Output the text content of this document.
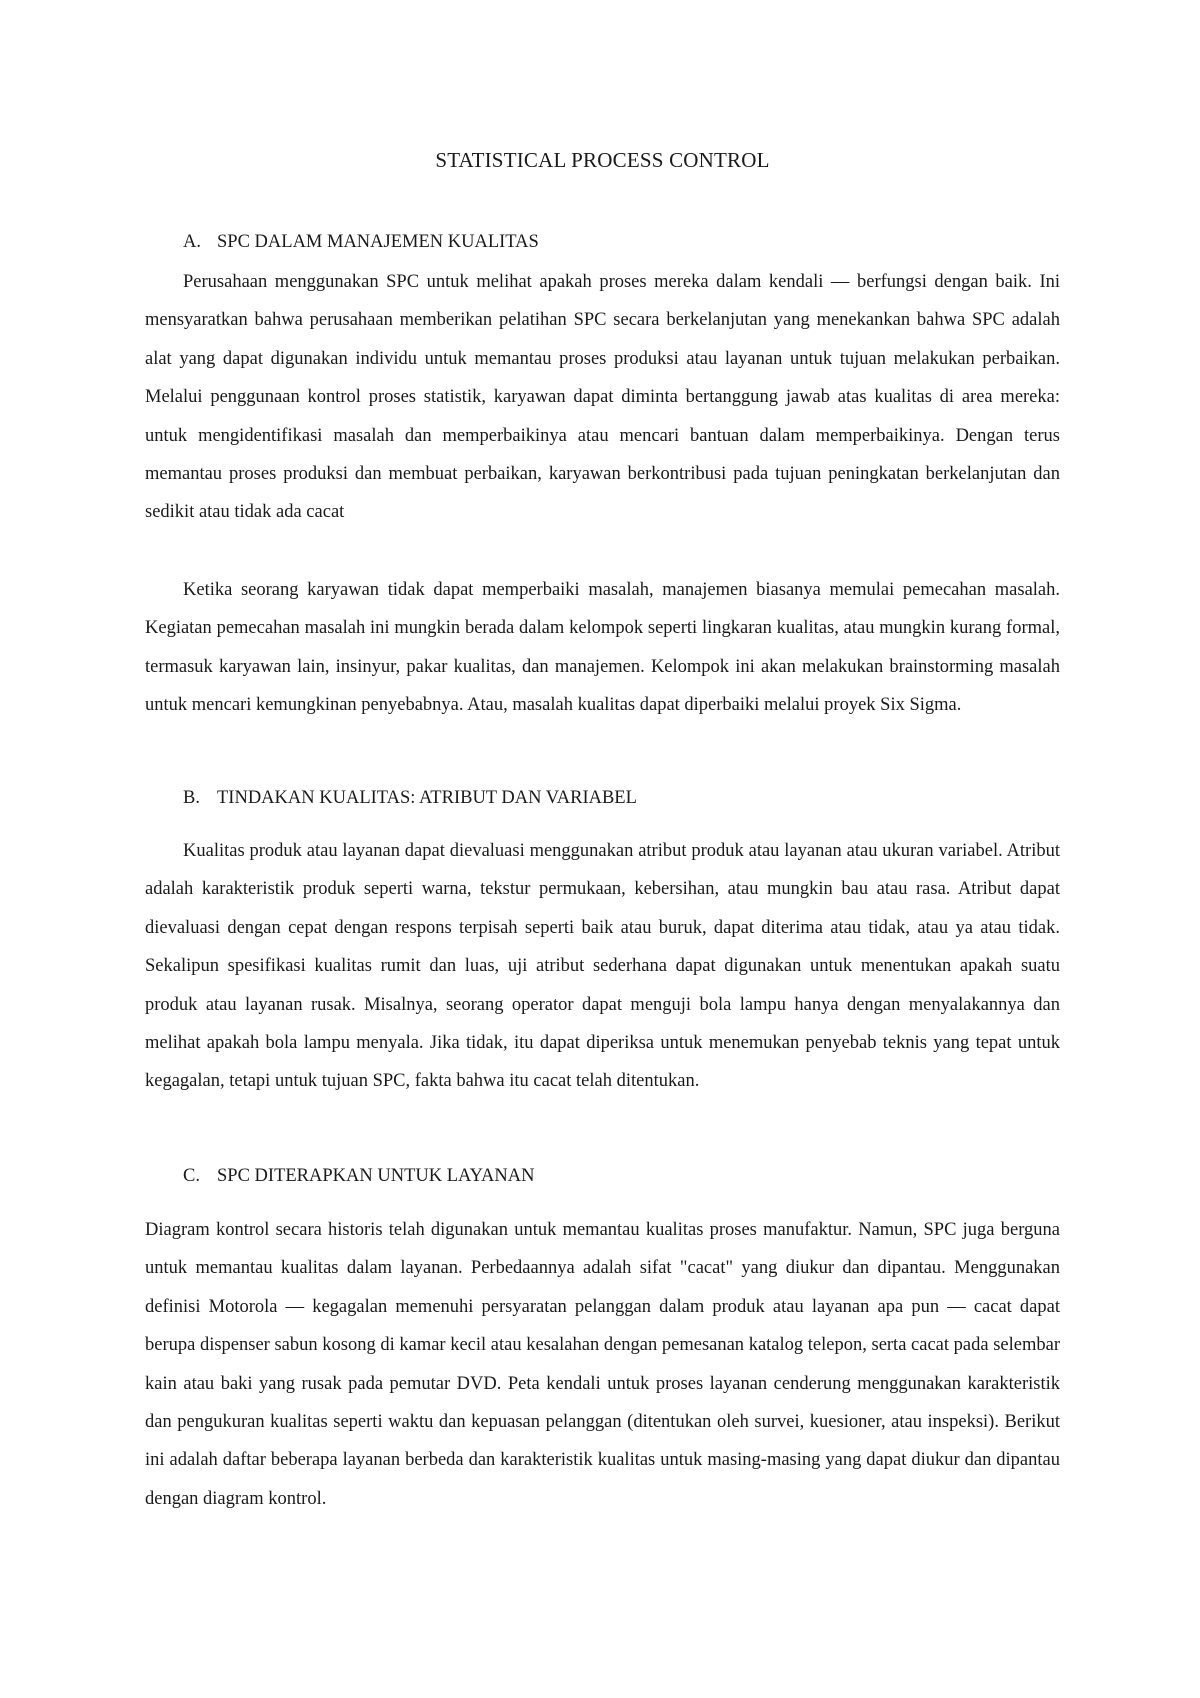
STATISTICAL PROCESS CONTROL
A. SPC DALAM MANAJEMEN KUALITAS

Perusahaan menggunakan SPC untuk melihat apakah proses mereka dalam kendali — berfungsi dengan baik. Ini mensyaratkan bahwa perusahaan memberikan pelatihan SPC secara berkelanjutan yang menekankan bahwa SPC adalah alat yang dapat digunakan individu untuk memantau proses produksi atau layanan untuk tujuan melakukan perbaikan. Melalui penggunaan kontrol proses statistik, karyawan dapat diminta bertanggung jawab atas kualitas di area mereka: untuk mengidentifikasi masalah dan memperbaikinya atau mencari bantuan dalam memperbaikinya. Dengan terus memantau proses produksi dan membuat perbaikan, karyawan berkontribusi pada tujuan peningkatan berkelanjutan dan sedikit atau tidak ada cacat

Ketika seorang karyawan tidak dapat memperbaiki masalah, manajemen biasanya memulai pemecahan masalah. Kegiatan pemecahan masalah ini mungkin berada dalam kelompok seperti lingkaran kualitas, atau mungkin kurang formal, termasuk karyawan lain, insinyur, pakar kualitas, dan manajemen. Kelompok ini akan melakukan brainstorming masalah untuk mencari kemungkinan penyebabnya. Atau, masalah kualitas dapat diperbaiki melalui proyek Six Sigma.

B. TINDAKAN KUALITAS: ATRIBUT DAN VARIABEL

Kualitas produk atau layanan dapat dievaluasi menggunakan atribut produk atau layanan atau ukuran variabel. Atribut adalah karakteristik produk seperti warna, tekstur permukaan, kebersihan, atau mungkin bau atau rasa. Atribut dapat dievaluasi dengan cepat dengan respons terpisah seperti baik atau buruk, dapat diterima atau tidak, atau ya atau tidak. Sekalipun spesifikasi kualitas rumit dan luas, uji atribut sederhana dapat digunakan untuk menentukan apakah suatu produk atau layanan rusak. Misalnya, seorang operator dapat menguji bola lampu hanya dengan menyalakannya dan melihat apakah bola lampu menyala. Jika tidak, itu dapat diperiksa untuk menemukan penyebab teknis yang tepat untuk kegagalan, tetapi untuk tujuan SPC, fakta bahwa itu cacat telah ditentukan.

C. SPC DITERAPKAN UNTUK LAYANAN

Diagram kontrol secara historis telah digunakan untuk memantau kualitas proses manufaktur. Namun, SPC juga berguna untuk memantau kualitas dalam layanan. Perbedaannya adalah sifat "cacat" yang diukur dan dipantau. Menggunakan definisi Motorola — kegagalan memenuhi persyaratan pelanggan dalam produk atau layanan apa pun — cacat dapat berupa dispenser sabun kosong di kamar kecil atau kesalahan dengan pemesanan katalog telepon, serta cacat pada selembar kain atau baki yang rusak pada pemutar DVD. Peta kendali untuk proses layanan cenderung menggunakan karakteristik dan pengukuran kualitas seperti waktu dan kepuasan pelanggan (ditentukan oleh survei, kuesioner, atau inspeksi). Berikut ini adalah daftar beberapa layanan berbeda dan karakteristik kualitas untuk masing-masing yang dapat diukur dan dipantau dengan diagram kontrol.
